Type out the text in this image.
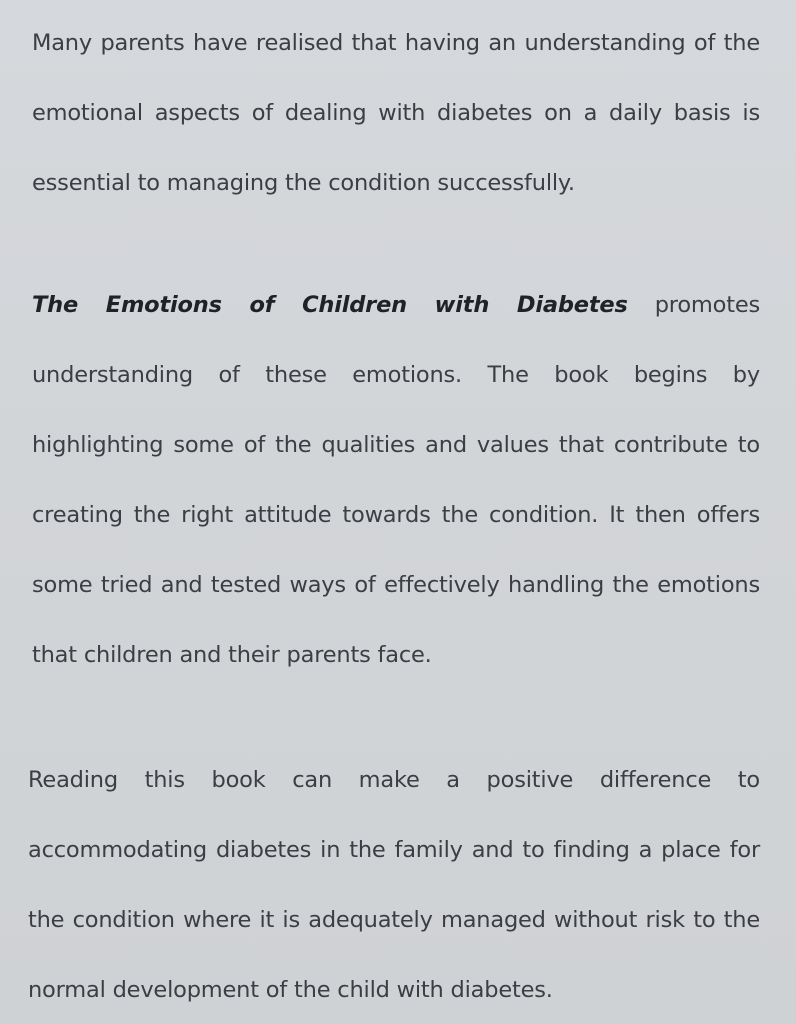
Many parents have realised that having an understanding of the emotional aspects of dealing with diabetes on a daily basis is essential to managing the condition successfully.

The Emotions of Children with Diabetes promotes understanding of these emotions. The book begins by highlighting some of the qualities and values that contribute to creating the right attitude towards the condition. It then offers some tried and tested ways of effectively handling the emotions that children and their parents face.

Reading this book can make a positive difference to accommodating diabetes in the family and to finding a place for the condition where it is adequately managed without risk to the normal development of the child with diabetes.
